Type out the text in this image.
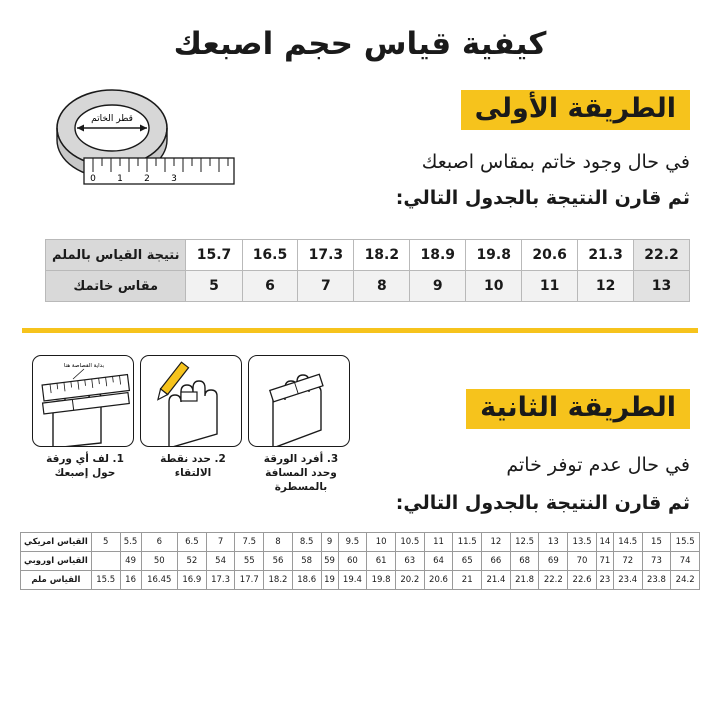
كيفية قياس حجم اصبعك
الطريقة الأولى
في حال وجود خاتم بمقاس اصبعك
ثم قارن النتيجة بالجدول التالي:
قطر الخاتم
0 1 2 3
22.2	21.3	20.6	19.8	18.9	18.2	17.3	16.5	15.7	نتيجة القياس بالملم
13	12	11	10	9	8	7	6	5	مقاس خاتمك
الطريقة الثانية
في حال عدم توفر خاتم
ثم قارن النتيجة بالجدول التالي:
بداية القصاصة هنا
3. أفرد الورقة وحدد المسافة بالمسطرة
2. حدد نقطة الالتقاء
1. لف أي ورقة حول إصبعك
15.5	15	14.5	14	13.5	13	12.5	12	11.5	11	10.5	10	9.5	9	8.5	8	7.5	7	6.5	6	5.5	5	القياس امريكي
74	73	72	71	70	69	68	66	65	64	63	61	60	59	58	56	55	54	52	50	49		القياس اوروبي
24.2	23.8	23.4	23	22.6	22.2	21.8	21.4	21	20.6	20.2	19.8	19.4	19	18.6	18.2	17.7	17.3	16.9	16.45	16	15.5	القياس ملم
